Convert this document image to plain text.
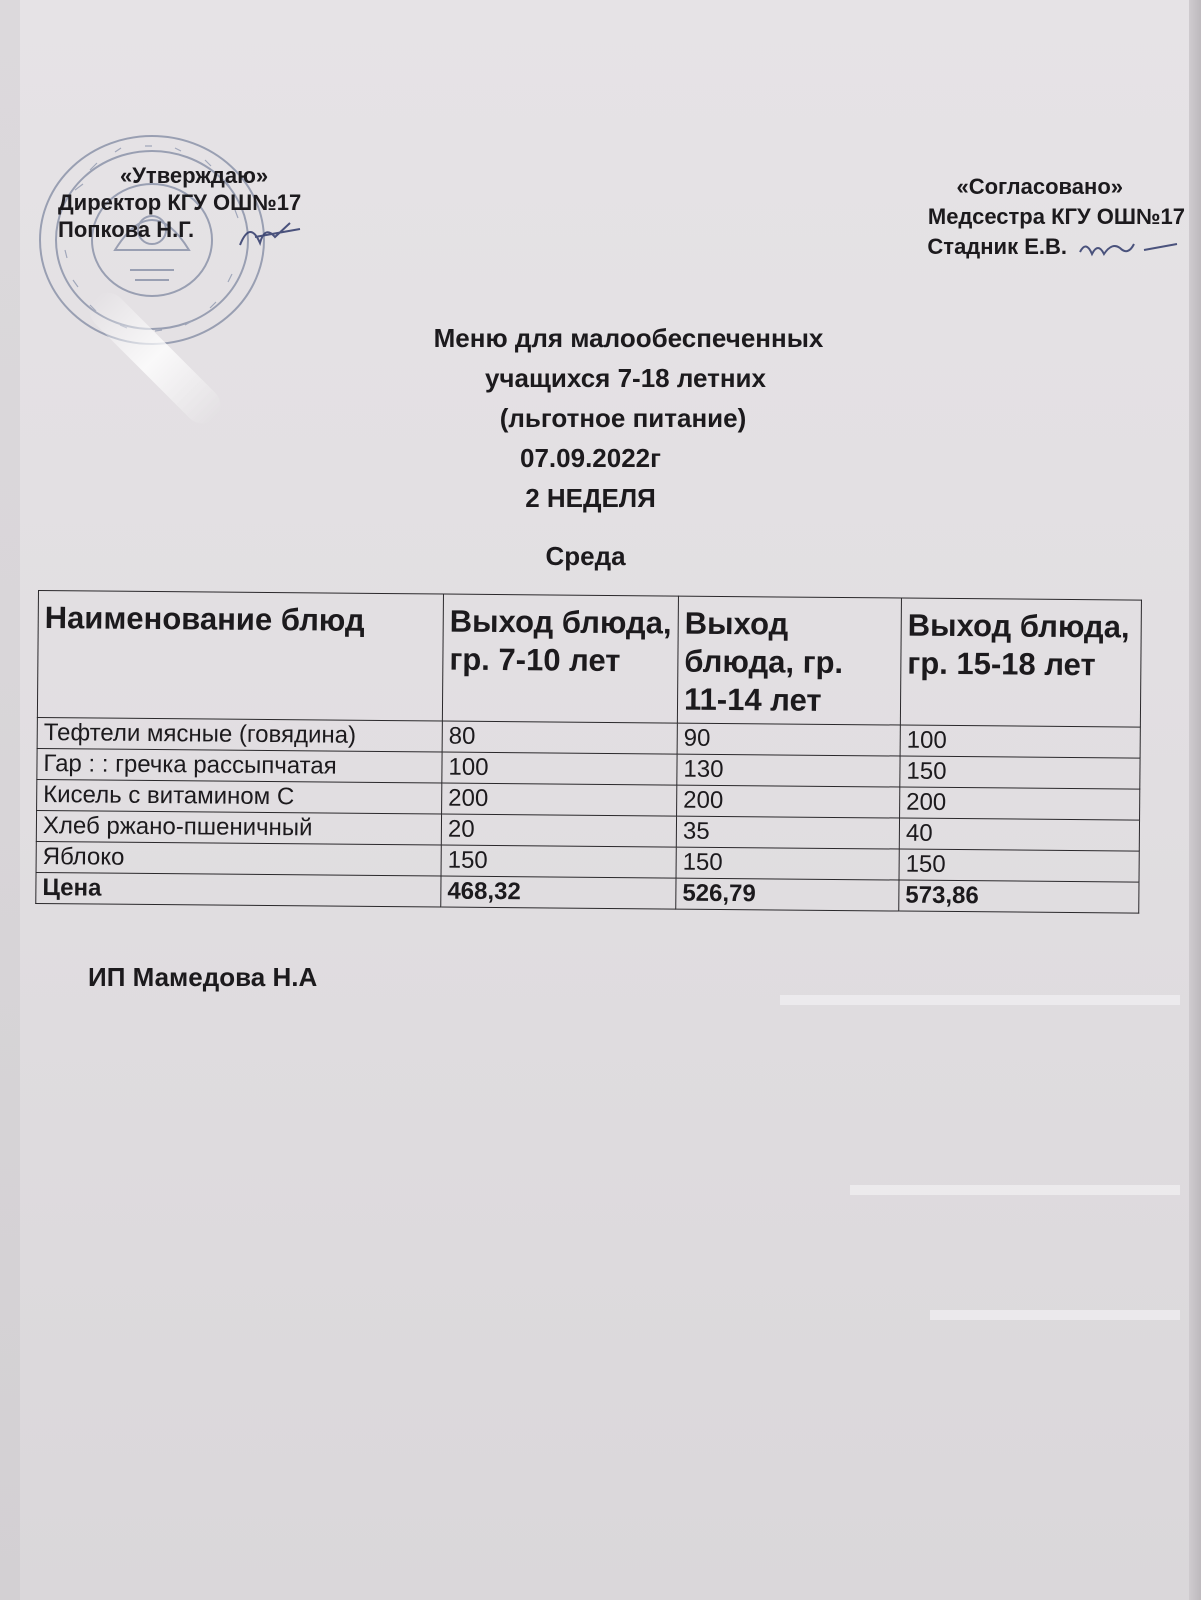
«Утверждаю»
Директор КГУ ОШ№17
Попкова Н.Г.
«Согласовано»
Медсестра КГУ ОШ№17
Стадник Е.В.
Меню для малообеспеченных
учащихся 7-18 летних
(льготное питание)
07.09.2022г
2 НЕДЕЛЯ
Среда
Наименование блюд	Выход блюда, гр. 7-10 лет	Выход блюда, гр. 11-14 лет	Выход блюда, гр. 15-18 лет
Тефтели мясные (говядина)	80	90	100
Гар : : гречка рассыпчатая	100	130	150
Кисель с витамином С	200	200	200
Хлеб ржано-пшеничный	20	35	40
Яблоко	150	150	150
Цена	468,32	526,79	573,86
ИП Мамедова Н.А
